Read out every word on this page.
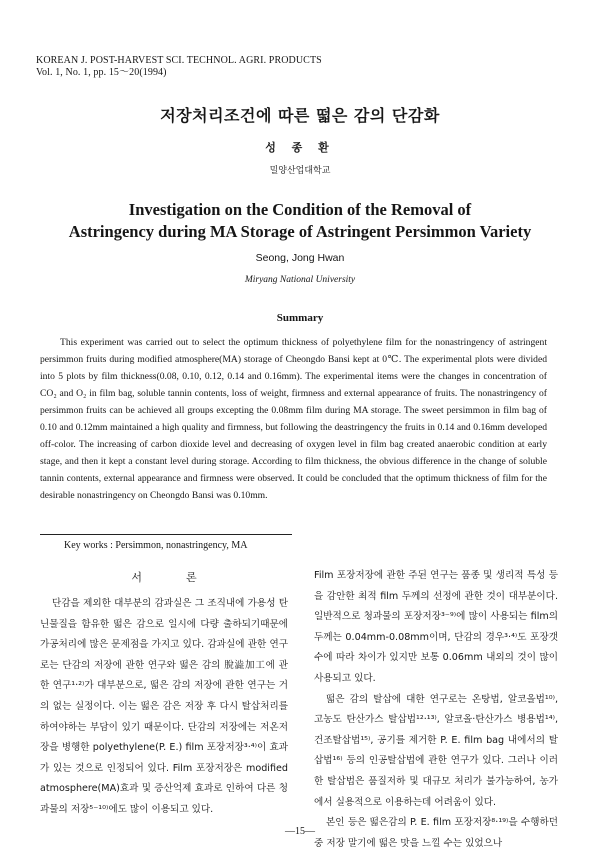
KOREAN J. POST-HARVEST SCI. TECHNOL. AGRI. PRODUCTS
Vol. 1, No. 1, pp. 15～20(1994)
저장처리조건에 따른 떫은 감의 단감화
성 종 환
밀양산업대학교
Investigation on the Condition of the Removal of
Astringency during MA Storage of Astringent Persimmon Variety
Seong, Jong Hwan
Miryang National University
Summary

This experiment was carried out to select the optimum thickness of polyethylene film for the nonastringency of astringent persimmon fruits during modified atmosphere(MA) storage of Cheongdo Bansi kept at 0℃. The experimental plots were divided into 5 plots by film thickness(0.08, 0.10, 0.12, 0.14 and 0.16mm). The experimental items were the changes in concentration of CO₂ and O₂ in film bag, soluble tannin contents, loss of weight, firmness and external appearance of fruits. The nonastringency of persimmon fruits can be achieved all groups excepting the 0.08mm film during MA storage. The sweet persimmon in film bag of 0.10 and 0.12mm maintained a high quality and firmness, but following the deastringency the fruits in 0.14 and 0.16mm developed off-color. The increasing of carbon dioxide level and decreasing of oxygen level in film bag created anaerobic condition at early stage, and then it kept a constant level during storage. According to film thickness, the obvious difference in the change of soluble tannin contents, external appearance and firmness were observed. It could be concluded that the optimum thickness of film for the desirable nonastringency on Cheongdo Bansi was 0.10mm.

Key works : Persimmon, nonastringency, MA
서론

단감을 제외한 대부분의 감과실은 그 조직내에 가용성 탄닌물질을 함유한 떫은 감으로 일시에 다량 출하되기때문에 가공처리에 많은 문제점을 가지고 있다. 감과실에 관한 연구로는 단감의 저장에 관한 연구와 떫은 감의 脫澁加工에 관한 연구¹·²⁾가 대부분으로, 떫은 감의 저장에 관한 연구는 거의 없는 실정이다. 이는 떫은 감은 저장 후 다시 탈삽처리를 하여야하는 부담이 있기 때문이다. 단감의 저장에는 저온저장을 병행한 polyethylene(P. E.) film 포장저장³·⁴⁾이 효과가 있는 것으로 인정되어 있다. Film 포장저장은 modified atmosphere(MA)효과 및 증산억제 효과로 인하여 다른 청과물의 저장⁵⁻¹⁰⁾에도 많이 이용되고 있다.

Film 포장저장에 관한 주된 연구는 품종 및 생리적 특성 등을 감안한 최적 film 두께의 선정에 관한 것이 대부분이다. 일반적으로 청과물의 포장저장³⁻⁹⁾에 많이 사용되는 film의 두께는 0.04mm-0.08mm이며, 단감의 경우³·⁴⁾도 포장갯수에 따라 차이가 있지만 보통 0.06mm 내외의 것이 많이 사용되고 있다.

떫은 감의 탈삽에 대한 연구로는 온탕법, 알코올법¹⁰⁾, 고농도 탄산가스 탈삽법¹²·¹³⁾, 알코올·탄산가스 병용법¹⁴⁾, 건조탈삽법¹⁵⁾, 공기를 제거한 P. E. film bag 내에서의 탈삽법¹⁶⁾ 등의 인공탈삽법에 관한 연구가 있다. 그러나 이러한 탈삽법은 품질저하 및 대규모 처리가 불가능하여, 농가에서 실용적으로 이용하는데 어려움이 있다.

본인 등은 떫은감의 P. E. film 포장저장⁸·¹⁹⁾을 수행하던 중 저장 말기에 떫은 맛을 느낄 수는 있었으나

—15—
